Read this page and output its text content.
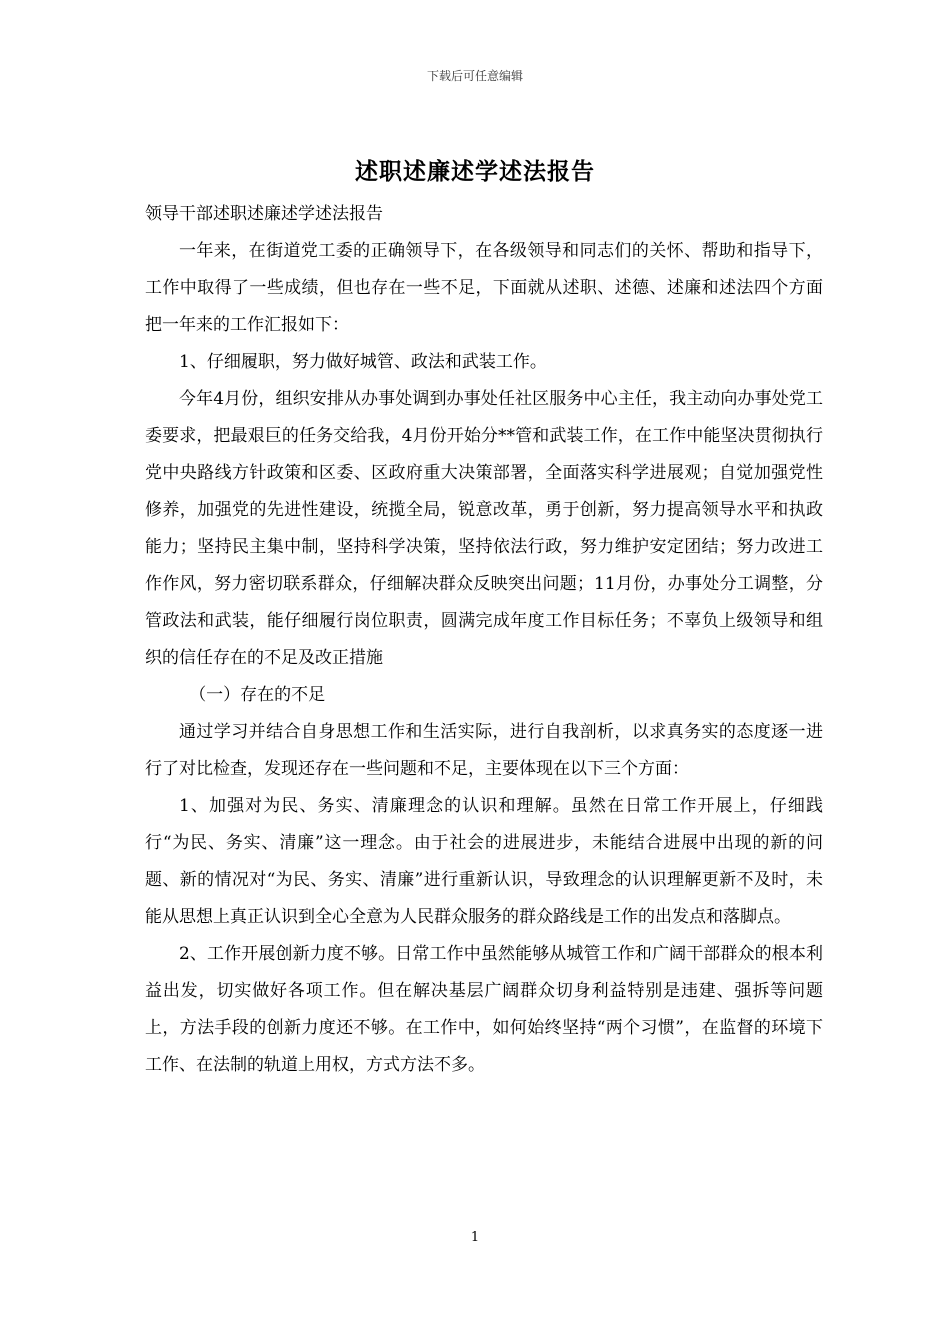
下载后可任意编辑
述职述廉述学述法报告

领导干部述职述廉述学述法报告

一年来，在街道党工委的正确领导下，在各级领导和同志们的关怀、帮助和指导下，工作中取得了一些成绩，但也存在一些不足，下面就从述职、述德、述廉和述法四个方面把一年来的工作汇报如下：

1、仔细履职，努力做好城管、政法和武装工作。

今年4月份，组织安排从办事处调到办事处任社区服务中心主任，我主动向办事处党工委要求，把最艰巨的任务交给我，4月份开始分**管和武装工作，在工作中能坚决贯彻执行党中央路线方针政策和区委、区政府重大决策部署，全面落实科学进展观；自觉加强党性修养，加强党的先进性建设，统揽全局，锐意改革，勇于创新，努力提高领导水平和执政能力；坚持民主集中制，坚持科学决策，坚持依法行政，努力维护安定团结；努力改进工作作风，努力密切联系群众，仔细解决群众反映突出问题；11月份，办事处分工调整，分管政法和武装，能仔细履行岗位职责，圆满完成年度工作目标任务；不辜负上级领导和组织的信任存在的不足及改正措施

（一）存在的不足

通过学习并结合自身思想工作和生活实际，进行自我剖析，以求真务实的态度逐一进行了对比检查，发现还存在一些问题和不足，主要体现在以下三个方面：

1、加强对为民、务实、清廉理念的认识和理解。虽然在日常工作开展上，仔细践行“为民、务实、清廉”这一理念。由于社会的进展进步，未能结合进展中出现的新的问题、新的情况对“为民、务实、清廉”进行重新认识，导致理念的认识理解更新不及时，未能从思想上真正认识到全心全意为人民群众服务的群众路线是工作的出发点和落脚点。

2、工作开展创新力度不够。日常工作中虽然能够从城管工作和广阔干部群众的根本利益出发，切实做好各项工作。但在解决基层广阔群众切身利益特别是违建、强拆等问题上，方法手段的创新力度还不够。在工作中，如何始终坚持“两个习惯”，在监督的环境下工作、在法制的轨道上用权，方式方法不多。

1
